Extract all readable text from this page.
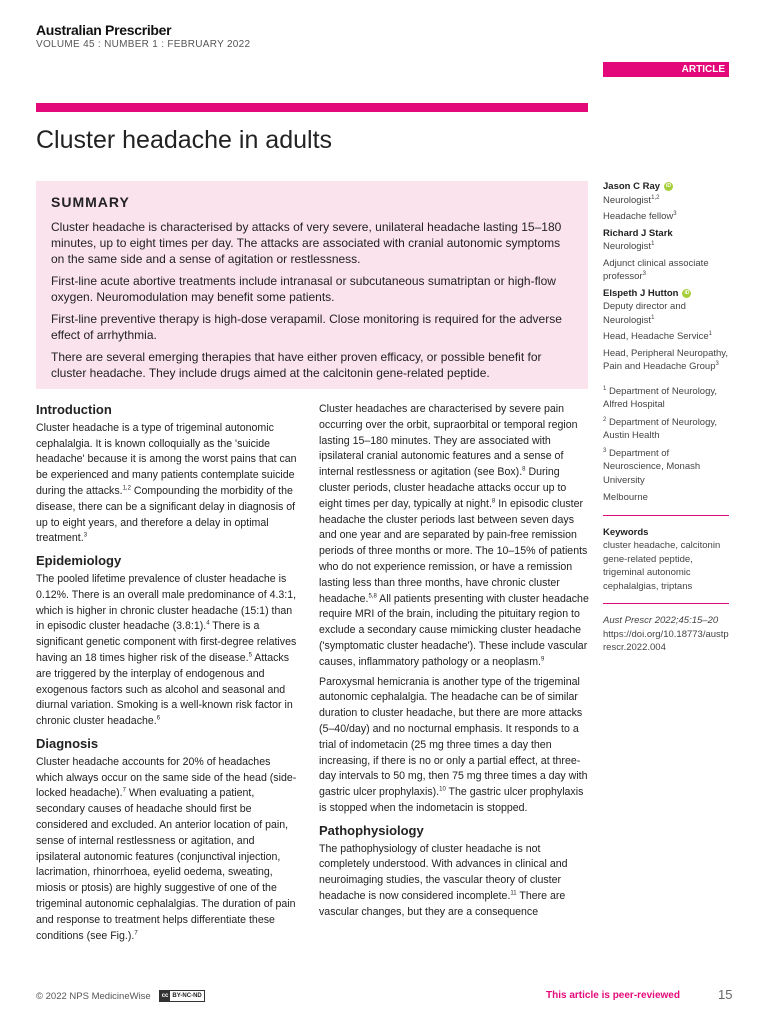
Australian Prescriber
VOLUME 45 : NUMBER 1 : FEBRUARY 2022
ARTICLE
Cluster headache in adults
SUMMARY

Cluster headache is characterised by attacks of very severe, unilateral headache lasting 15–180 minutes, up to eight times per day. The attacks are associated with cranial autonomic symptoms on the same side and a sense of agitation or restlessness.

First-line acute abortive treatments include intranasal or subcutaneous sumatriptan or high-flow oxygen. Neuromodulation may benefit some patients.

First-line preventive therapy is high-dose verapamil. Close monitoring is required for the adverse effect of arrhythmia.

There are several emerging therapies that have either proven efficacy, or possible benefit for cluster headache. They include drugs aimed at the calcitonin gene-related peptide.

Introduction

Cluster headache is a type of trigeminal autonomic cephalalgia. It is known colloquially as the 'suicide headache' because it is among the worst pains that can be experienced and many patients contemplate suicide during the attacks.$^{1,2}$ Compounding the morbidity of the disease, there can be a significant delay in diagnosis of up to eight years, and therefore a delay in optimal treatment.$^3$

Epidemiology

The pooled lifetime prevalence of cluster headache is 0.12%. There is an overall male predominance of 4.3:1, which is higher in chronic cluster headache (15:1) than in episodic cluster headache (3.8:1).$^4$ There is a significant genetic component with first-degree relatives having an 18 times higher risk of the disease.$^5$ Attacks are triggered by the interplay of endogenous and exogenous factors such as alcohol and seasonal and diurnal variation. Smoking is a well-known risk factor in chronic cluster headache.$^6$

Diagnosis

Cluster headache accounts for 20% of headaches which always occur on the same side of the head (side-locked headache).$^7$ When evaluating a patient, secondary causes of headache should first be considered and excluded. An anterior location of pain, sense of internal restlessness or agitation, and ipsilateral autonomic features (conjunctival injection, lacrimation, rhinorrhoea, eyelid oedema, sweating, miosis or ptosis) are highly suggestive of one of the trigeminal autonomic cephalalgias. The duration of pain and response to treatment helps differentiate these conditions (see Fig.).$^7$

Cluster headaches are characterised by severe pain occurring over the orbit, supraorbital or temporal region lasting 15–180 minutes. They are associated with ipsilateral cranial autonomic features and a sense of internal restlessness or agitation (see Box).$^8$ During cluster periods, cluster headache attacks occur up to eight times per day, typically at night.$^8$ In episodic cluster headache the cluster periods last between seven days and one year and are separated by pain-free remission periods of three months or more. The 10–15% of patients who do not experience remission, or have a remission lasting less than three months, have chronic cluster headache.$^{5,8}$ All patients presenting with cluster headache require MRI of the brain, including the pituitary region to exclude a secondary cause mimicking cluster headache ('symptomatic cluster headache'). These include vascular causes, inflammatory pathology or a neoplasm.$^9$

Paroxysmal hemicrania is another type of the trigeminal autonomic cephalalgia. The headache can be of similar duration to cluster headache, but there are more attacks (5–40/day) and no nocturnal emphasis. It responds to a trial of indometacin (25 mg three times a day then increasing, if there is no or only a partial effect, at three-day intervals to 50 mg, then 75 mg three times a day with gastric ulcer prophylaxis).$^{10}$ The gastric ulcer prophylaxis is stopped when the indometacin is stopped.

Pathophysiology

The pathophysiology of cluster headache is not completely understood. With advances in clinical and neuroimaging studies, the vascular theory of cluster headache is now considered incomplete.$^{11}$ There are vascular changes, but they are a consequence

Jason C Ray	iD
Neurologist$^{1,2}$
Headache fellow$^3$
Richard J Stark
Neurologist$^1$
Adjunct clinical associate professor$^3$
Elspeth J Hutton	iD
Deputy director and Neurologist$^1$
Head, Headache Service$^1$
Head, Peripheral Neuropathy, Pain and Headache Group$^3$
$^1$ Department of Neurology, Alfred Hospital
$^2$ Department of Neurology, Austin Health
$^3$ Department of Neuroscience, Monash University
Melbourne
Keywords
cluster headache, calcitonin gene-related peptide, trigeminal autonomic cephalalgias, triptans
Aust Prescr 2022;45:15–20
https://doi.org/10.18773/austprescr.2022.004
© 2022 NPS MedicineWise	cc BY-NC-ND	This article is peer-reviewed	15
